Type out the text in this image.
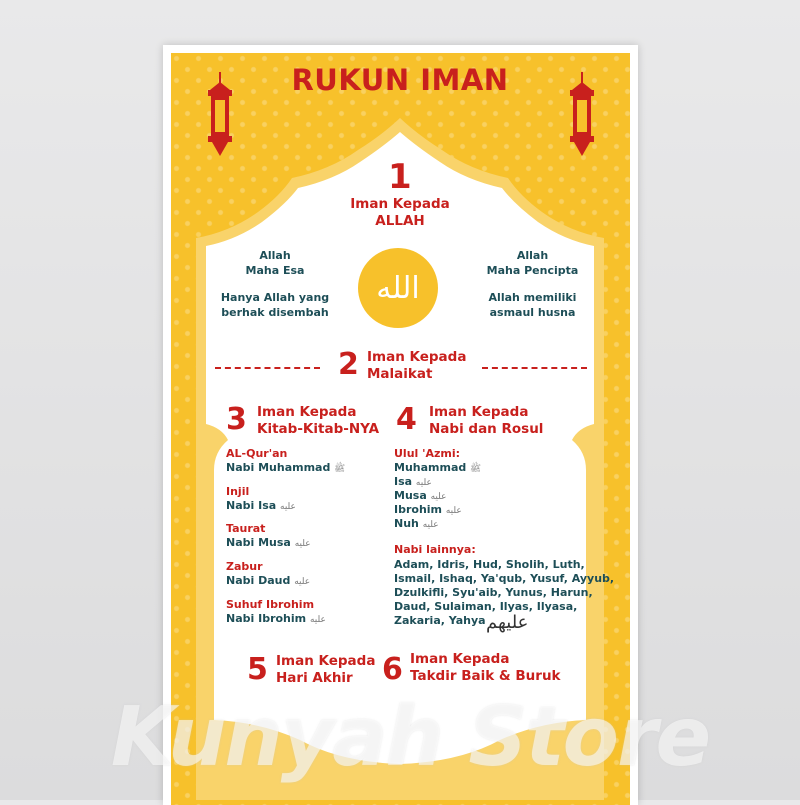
RUKUN IMAN
1
Iman Kepada
ALLAH
Allah
Maha Esa
Hanya Allah yang
berhak disembah
Allah
Maha Pencipta
Allah memiliki
asmaul husna
الله
2 Iman Kepada
Malaikat
3 Iman Kepada
Kitab-Kitab-NYA
AL-Qur'an
Nabi Muhammad ﷺ
Injil
Nabi Isa عليه
Taurat
Nabi Musa عليه
Zabur
Nabi Daud عليه
Suhuf Ibrohim
Nabi Ibrohim عليه
4 Iman Kepada
Nabi dan Rosul
Ulul 'Azmi:
Muhammad ﷺ
Isa عليه
Musa عليه
Ibrohim عليه
Nuh عليه
Nabi lainnya:
Adam, Idris, Hud, Sholih, Luth,
Ismail, Ishaq, Ya'qub, Yusuf, Ayyub,
Dzulkifli, Syu'aib, Yunus, Harun,
Daud, Sulaiman, Ilyas, Ilyasa,
Zakaria, Yahya عليهم
5 Iman Kepada
Hari Akhir 6 Iman Kepada
Takdir Baik & Buruk
Kunyah Store
